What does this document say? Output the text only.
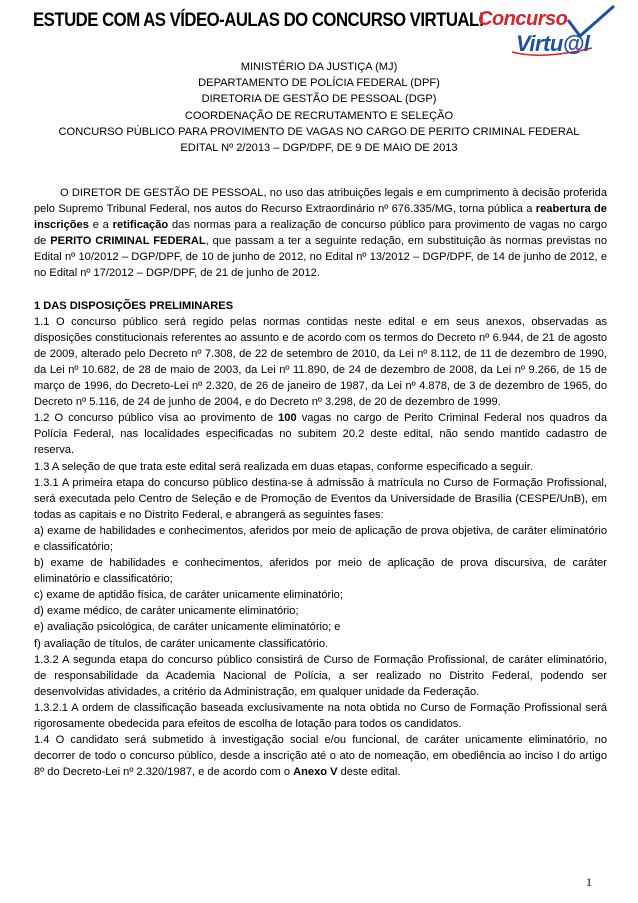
ESTUDE COM AS VÍDEO-AULAS DO CONCURSO VIRTUAL!
Concurso
Virtu@l
MINISTÉRIO DA JUSTIÇA (MJ)
DEPARTAMENTO DE POLÍCIA FEDERAL (DPF)
DIRETORIA DE GESTÃO DE PESSOAL (DGP)
COORDENAÇÃO DE RECRUTAMENTO E SELEÇÃO
CONCURSO PÚBLICO PARA PROVIMENTO DE VAGAS NO CARGO DE PERITO CRIMINAL FEDERAL
EDITAL Nº 2/2013 – DGP/DPF, DE 9 DE MAIO DE 2013

O DIRETOR DE GESTÃO DE PESSOAL, no uso das atribuições legais e em cumprimento à decisão proferida pelo Supremo Tribunal Federal, nos autos do Recurso Extraordinário nº 676.335/MG, torna pública a reabertura de inscrições e a retificação das normas para a realização de concurso público para provimento de vagas no cargo de PERITO CRIMINAL FEDERAL, que passam a ter a seguinte redação, em substituição às normas previstas no Edital nº 10/2012 – DGP/DPF, de 10 de junho de 2012, no Edital nº 13/2012 – DGP/DPF, de 14 de junho de 2012, e no Edital nº 17/2012 – DGP/DPF, de 21 de junho de 2012.

1 DAS DISPOSIÇÕES PRELIMINARES

1.1 O concurso público será regido pelas normas contidas neste edital e em seus anexos, observadas as disposições constitucionais referentes ao assunto e de acordo com os termos do Decreto nº 6.944, de 21 de agosto de 2009, alterado pelo Decreto nº 7.308, de 22 de setembro de 2010, da Lei nº 8.112, de 11 de dezembro de 1990, da Lei nº 10.682, de 28 de maio de 2003, da Lei nº 11.890, de 24 de dezembro de 2008, da Lei nº 9.266, de 15 de março de 1996, do Decreto-Lei nº 2.320, de 26 de janeiro de 1987, da Lei nº 4.878, de 3 de dezembro de 1965, do Decreto nº 5.116, de 24 de junho de 2004, e do Decreto nº 3.298, de 20 de dezembro de 1999.

1.2 O concurso público visa ao provimento de 100 vagas no cargo de Perito Criminal Federal nos quadros da Polícia Federal, nas localidades especificadas no subitem 20.2 deste edital, não sendo mantido cadastro de reserva.

1.3 A seleção de que trata este edital será realizada em duas etapas, conforme especificado a seguir.

1.3.1 A primeira etapa do concurso público destina-se à admissão à matrícula no Curso de Formação Profissional, será executada pelo Centro de Seleção e de Promoção de Eventos da Universidade de Brasília (CESPE/UnB), em todas as capitais e no Distrito Federal, e abrangerá as seguintes fases:

a) exame de habilidades e conhecimentos, aferidos por meio de aplicação de prova objetiva, de caráter eliminatório e classificatório;

b) exame de habilidades e conhecimentos, aferidos por meio de aplicação de prova discursiva, de caráter eliminatório e classificatório;

c) exame de aptidão física, de caráter unicamente eliminatório;

d) exame médico, de caráter unicamente eliminatório;

e) avaliação psicológica, de caráter unicamente eliminatório; e

f) avaliação de títulos, de caráter unicamente classificatório.

1.3.2 A segunda etapa do concurso público consistirá de Curso de Formação Profissional, de caráter eliminatório, de responsabilidade da Academia Nacional de Polícia, a ser realizado no Distrito Federal, podendo ser desenvolvidas atividades, a critério da Administração, em qualquer unidade da Federação.

1.3.2.1 A ordem de classificação baseada exclusivamente na nota obtida no Curso de Formação Profissional será rigorosamente obedecida para efeitos de escolha de lotação para todos os candidatos.

1.4 O candidato será submetido à investigação social e/ou funcional, de caráter unicamente eliminatório, no decorrer de todo o concurso público, desde a inscrição até o ato de nomeação, em obediência ao inciso I do artigo 8º do Decreto-Lei nº 2.320/1987, e de acordo com o Anexo V deste edital.

1
